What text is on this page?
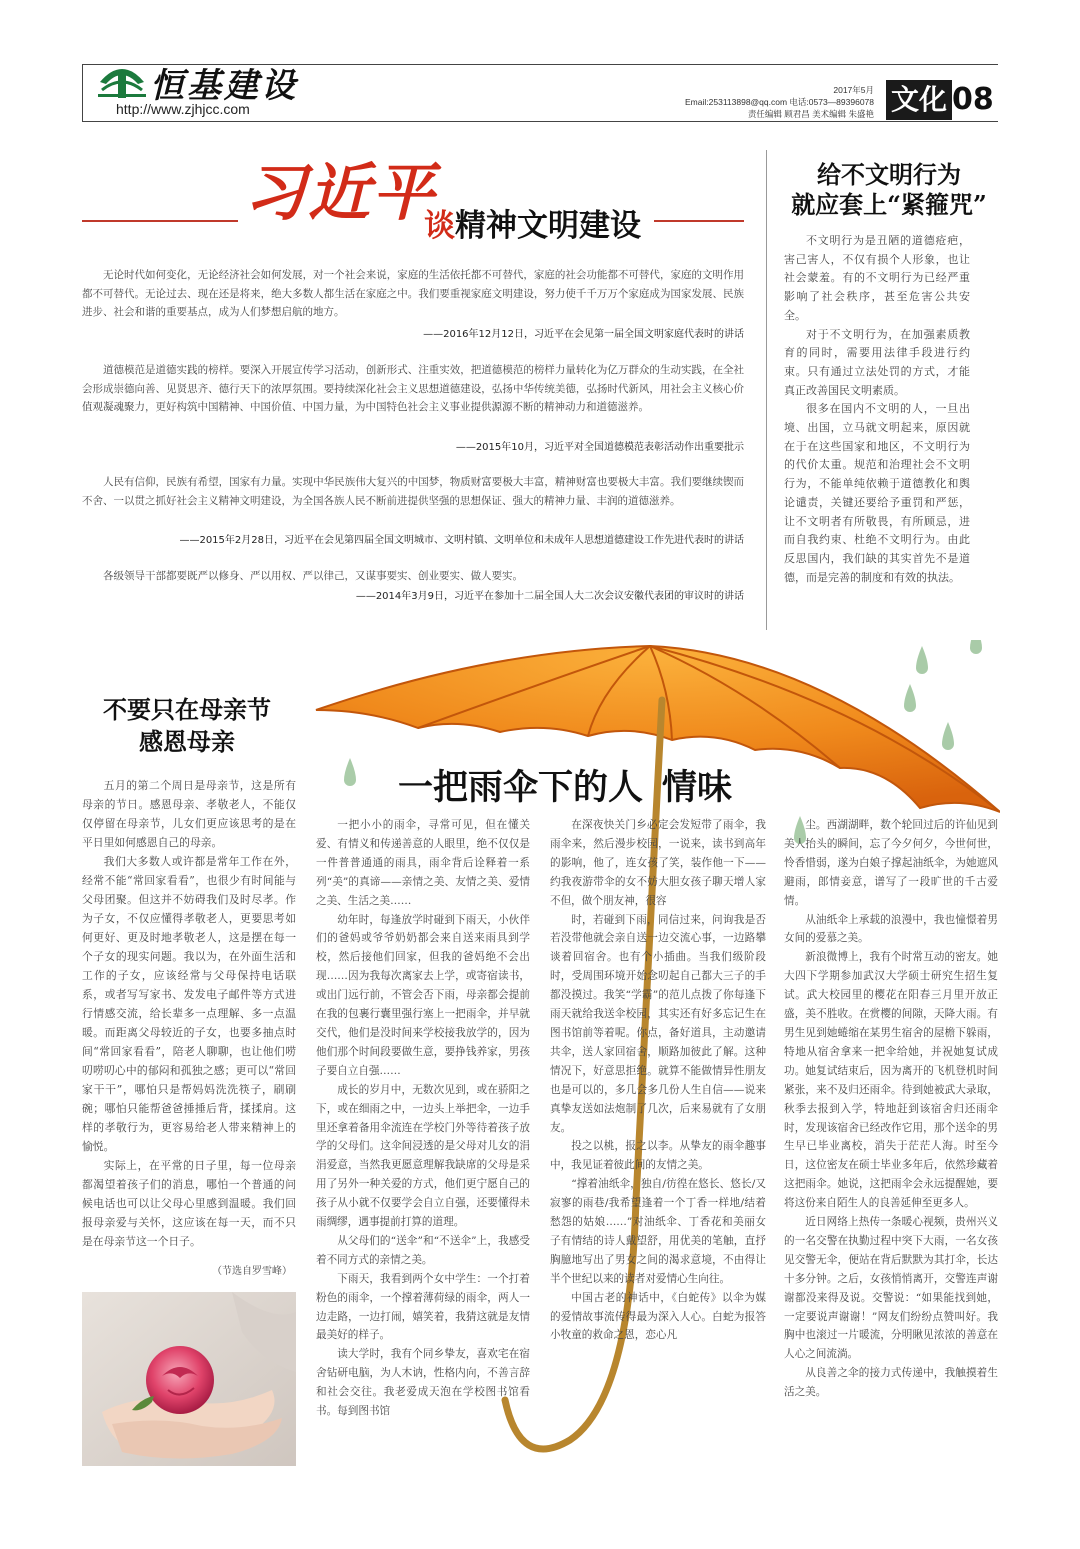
恒基建设
http://www.zjhjcc.com
2017年5月
Email:253113898@qq.com 电话:0573—89396078
责任编辑 顾君昌 美术编辑 朱盛艳 文化 08
习近平
谈精神文明建设
无论时代如何变化，无论经济社会如何发展，对一个社会来说，家庭的生活依托都不可替代，家庭的社会功能都不可替代，家庭的文明作用都不可替代。无论过去、现在还是将来，绝大多数人都生活在家庭之中。我们要重视家庭文明建设，努力使千千万万个家庭成为国家发展、民族进步、社会和谐的重要基点，成为人们梦想启航的地方。
——2016年12月12日，习近平在会见第一届全国文明家庭代表时的讲话
道德模范是道德实践的榜样。要深入开展宣传学习活动，创新形式、注重实效，把道德模范的榜样力量转化为亿万群众的生动实践，在全社会形成崇德向善、见贤思齐、德行天下的浓厚氛围。要持续深化社会主义思想道德建设，弘扬中华传统美德，弘扬时代新风，用社会主义核心价值观凝魂聚力，更好构筑中国精神、中国价值、中国力量，为中国特色社会主义事业提供源源不断的精神动力和道德滋养。
——2015年10月，习近平对全国道德模范表彰活动作出重要批示
人民有信仰，民族有希望，国家有力量。实现中华民族伟大复兴的中国梦，物质财富要极大丰富，精神财富也要极大丰富。我们要继续锲而不舍、一以贯之抓好社会主义精神文明建设，为全国各族人民不断前进提供坚强的思想保证、强大的精神力量、丰润的道德滋养。
——2015年2月28日，习近平在会见第四届全国文明城市、文明村镇、文明单位和未成年人思想道德建设工作先进代表时的讲话
各级领导干部都要既严以修身、严以用权、严以律己，又谋事要实、创业要实、做人要实。
——2014年3月9日，习近平在参加十二届全国人大二次会议安徽代表团的审议时的讲话
给不文明行为
就应套上“紧箍咒”

不文明行为是丑陋的道德疮疤，害己害人，不仅有损个人形象，也让社会蒙羞。有的不文明行为已经严重影响了社会秩序，甚至危害公共安全。

对于不文明行为，在加强素质教育的同时，需要用法律手段进行约束。只有通过立法处罚的方式，才能真正改善国民文明素质。

很多在国内不文明的人，一旦出境、出国，立马就文明起来，原因就在于在这些国家和地区，不文明行为的代价太重。规范和治理社会不文明行为，不能单纯依赖于道德教化和舆论谴责，关键还要给予重罚和严惩，让不文明者有所敬畏，有所顾忌，进而自我约束、杜绝不文明行为。由此反思国内，我们缺的其实首先不是道德，而是完善的制度和有效的执法。

一把雨伞下的人 情味

一把小小的雨伞，寻常可见，但在懂关爱、有情义和传递善意的人眼里，绝不仅仅是一件普普通通的雨具，雨伞背后诠释着一系列“美”的真谛——亲情之美、友情之美、爱情之美、生活之美……

幼年时，每逢放学时碰到下雨天，小伙伴们的爸妈或爷爷奶奶都会来自送来雨具到学校，然后接他们回家，但我的爸妈绝不会出现……因为我每次离家去上学，或寄宿读书，或出门远行前，不管会否下雨，母亲都会提前在我的包裹行囊里强行塞上一把雨伞，并早就交代，他们是没时间来学校接我放学的，因为他们那个时间段要做生意，要挣钱养家，男孩子要自立自强……

成长的岁月中，无数次见到，或在骄阳之下，或在细雨之中，一边头上举把伞，一边手里还拿着备用伞流连在学校门外等待着孩子放学的父母们。这伞间浸透的是父母对儿女的涓涓爱意，当然我更愿意理解我缺席的父母是采用了另外一种关爱的方式，他们更宁愿自己的孩子从小就不仅要学会自立自强，还要懂得未雨绸缪，遇事提前打算的道理。

从父母们的“送伞”和“不送伞”上，我感受着不同方式的亲情之美。

下雨天，我看到两个女中学生：一个打着粉色的雨伞，一个撑着薄荷绿的雨伞，两人一边走路，一边打闹，嬉笑着，我猜这就是友情最美好的样子。

读大学时，我有个同乡挚友，喜欢宅在宿舍钻研电脑，为人木讷，性格内向，不善言辞和社会交往。我老爱成天泡在学校图书馆看书。每到图书馆

在深夜快关门乡必定会发短带了雨伞，我雨伞来，然后漫步校园，一说来，读书到高年的影响，他了，连女孩了笑，装作他一下——约我夜游带伞的女不妨大胆女孩子聊天增人家不但，做个朋友神，很容

时，若碰到下雨，同信过来，问询我是否若没带他就会亲自送一边交流心事，一边路攀谈着回宿舍。也有个小插曲。当我们级阶段时，受周围环境开始念叨起自己都大三子的手都没摸过。我笑“学霸”的范儿点拨了你每逢下雨天就给我送伞校园，其实还有好多忘记生在图书馆前等着呢。你点，备好道具，主动邀请共伞，送人家回宿舍，顺路加彼此了解。这种情况下，好意思拒绝。就算不能做情异性朋友也是可以的，多几会多几份人生自信——说来真挚友送如法炮制了几次，后来易就有了女朋友。

投之以桃，报之以李。从挚友的雨伞趣事中，我见证着彼此间的友情之美。

“撑着油纸伞，独自/彷徨在悠长、悠长/又寂寥的雨巷/我希望逢着一个丁香一样地/结着愁怨的姑娘……”对油纸伞、丁香花和美丽女子有情结的诗人戴望舒，用优美的笔触，直抒胸臆地写出了男女之间的渴求意境，不由得让半个世纪以来的读者对爱情心生向往。

中国古老的神话中，《白蛇传》以伞为媒的爱情故事流传得最为深入人心。白蛇为报答小牧童的救命之恩，恋心凡

尘。西湖湖畔，数个轮回过后的许仙见到美人抬头的瞬间，忘了今夕何夕，今世何世，怜香惜弱，遂为白娘子撑起油纸伞，为她遮风避雨，郎情妾意，谱写了一段旷世的千古爱情。

从油纸伞上承载的浪漫中，我也憧憬着男女间的爱慕之美。

新浪微博上，我有个时常互动的密友。她大四下学期参加武汉大学硕士研究生招生复试。武大校园里的樱花在阳春三月里开放正盛，美不胜收。在赏樱的间隙，天降大雨。有男生见到她蜷缩在某男生宿舍的屋檐下躲雨，特地从宿舍拿来一把伞给她，并祝她复试成功。她复试结束后，因为离开的飞机登机时间紧张，来不及归还雨伞。待到她被武大录取，秋季去报到入学，特地赶到该宿舍归还雨伞时，发现该宿舍已经改作它用，那个送伞的男生早已毕业离校，消失于茫茫人海。时至今日，这位密友在硕士毕业多年后，依然珍藏着这把雨伞。她说，这把雨伞会永远提醒她，要将这份来自陌生人的良善延伸至更多人。

近日网络上热传一条暖心视频，贵州兴义的一名交警在执勤过程中突下大雨，一名女孩见交警无伞，便站在背后默默为其打伞，长达十多分钟。之后，女孩悄悄离开，交警连声谢谢都没来得及说。交警说：“如果能找到她，一定要说声谢谢！”网友们纷纷点赞叫好。我胸中也滚过一片暖流，分明瞅见浓浓的善意在人心之间流淌。

从良善之伞的接力式传递中，我触摸着生活之美。

不要只在母亲节
感恩母亲

五月的第二个周日是母亲节，这是所有母亲的节日。感恩母亲、孝敬老人，不能仅仅停留在母亲节，儿女们更应该思考的是在平日里如何感恩自己的母亲。

我们大多数人或许都是常年工作在外，经常不能“常回家看看”，也很少有时间能与父母团聚。但这并不妨碍我们及时尽孝。作为子女，不仅应懂得孝敬老人，更要思考如何更好、更及时地孝敬老人，这是摆在每一个子女的现实问题。我以为，在外面生活和工作的子女，应该经常与父母保持电话联系，或者写写家书、发发电子邮件等方式进行情感交流，给长辈多一点理解、多一点温暖。而距离父母较近的子女，也要多抽点时间“常回家看看”，陪老人聊聊，也让他们唠叨唠叨心中的郁闷和孤独之感；更可以“常回家干干”，哪怕只是帮妈妈洗洗筷子，刷刷碗；哪怕只能帮爸爸捶捶后背，揉揉肩。这样的孝敬行为，更容易给老人带来精神上的愉悦。

实际上，在平常的日子里，每一位母亲都渴望着孩子们的消息，哪怕一个普通的问候电话也可以让父母心里感到温暖。我们回报母亲爱与关怀，这应该在每一天，而不只是在母亲节这一个日子。

（节选自罗雪峰）
